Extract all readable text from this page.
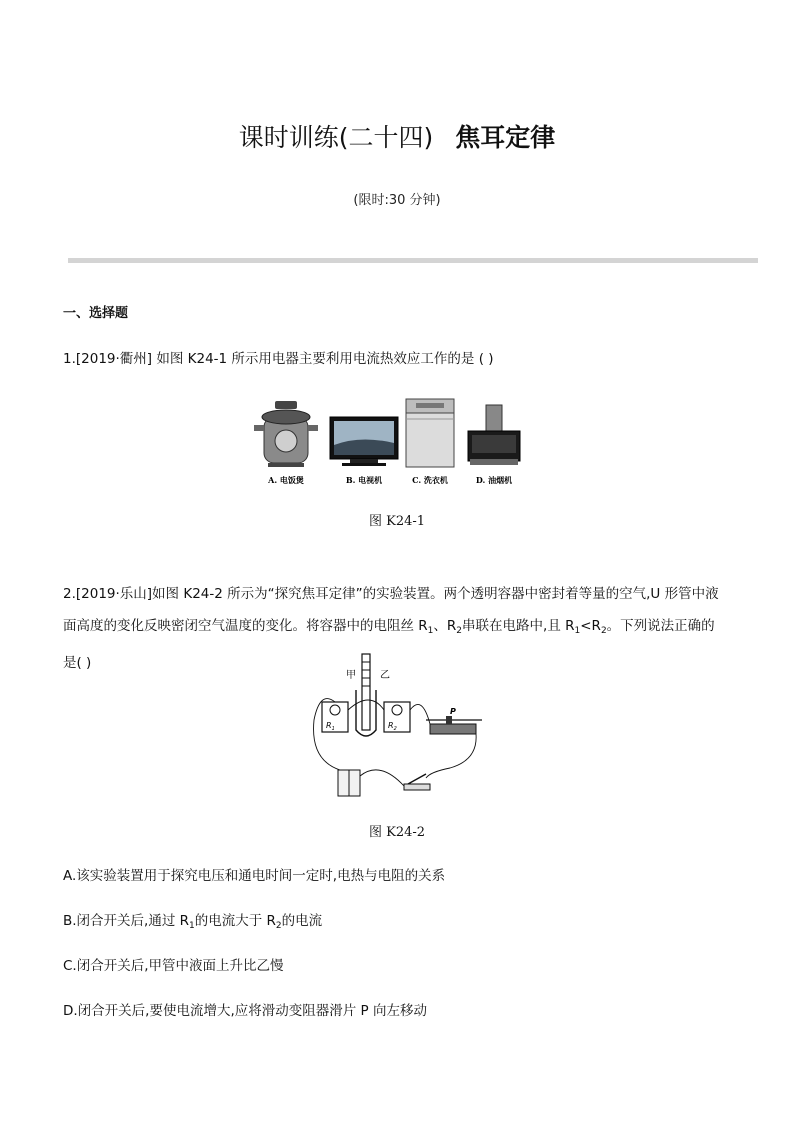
课时训练(二十四) 焦耳定律
(限时:30 分钟)
一、选择题
1.[2019·衢州] 如图 K24-1 所示用电器主要利用电流热效应工作的是 ( )
A. 电饭煲	B. 电视机	C. 洗衣机	D. 油烟机
图 K24-1
2.[2019·乐山]如图 K24-2 所示为“探究焦耳定律”的实验装置。两个透明容器中密封着等量的空气,U 形管中液
面高度的变化反映密闭空气温度的变化。将容器中的电阻丝 $R_1$、$R_2$串联在电路中,且 $R_1<R_2$。下列说法正确的
是( )
甲 乙
$R_1$	$R_2$
P
图 K24-2
A.该实验装置用于探究电压和通电时间一定时,电热与电阻的关系
B.闭合开关后,通过 $R_1$的电流大于 $R_2$的电流
C.闭合开关后,甲管中液面上升比乙慢
D.闭合开关后,要使电流增大,应将滑动变阻器滑片 P 向左移动
